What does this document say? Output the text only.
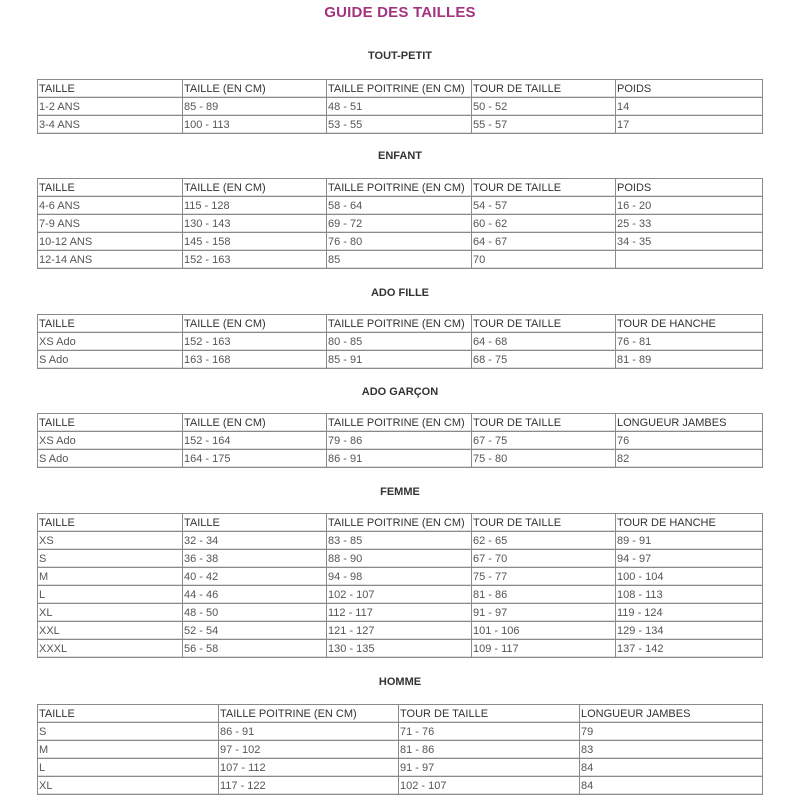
GUIDE DES TAILLES
TOUT-PETIT
TAILLE	TAILLE (EN CM)	TAILLE POITRINE (EN CM)	TOUR DE TAILLE	POIDS
1-2 ANS	85 - 89	48 - 51	50 - 52	14
3-4 ANS	100 - 113	53 - 55	55 - 57	17
ENFANT
TAILLE	TAILLE (EN CM)	TAILLE POITRINE (EN CM)	TOUR DE TAILLE	POIDS
4-6 ANS	115 - 128	58 - 64	54 - 57	16 - 20
7-9 ANS	130 - 143	69 - 72	60 - 62	25 - 33
10-12 ANS	145 - 158	76 - 80	64 - 67	34 - 35
12-14 ANS	152 - 163	85	70	
ADO FILLE
TAILLE	TAILLE (EN CM)	TAILLE POITRINE (EN CM)	TOUR DE TAILLE	TOUR DE HANCHE
XS Ado	152 - 163	80 - 85	64 - 68	76 - 81
S Ado	163 - 168	85 - 91	68 - 75	81 - 89
ADO GARÇON
TAILLE	TAILLE (EN CM)	TAILLE POITRINE (EN CM)	TOUR DE TAILLE	LONGUEUR JAMBES
XS Ado	152 - 164	79 - 86	67 - 75	76
S Ado	164 - 175	86 - 91	75 - 80	82
FEMME
TAILLE	TAILLE	TAILLE POITRINE (EN CM)	TOUR DE TAILLE	TOUR DE HANCHE
XS	32 - 34	83 - 85	62 - 65	89 - 91
S	36 - 38	88 - 90	67 - 70	94 - 97
M	40 - 42	94 - 98	75 - 77	100 - 104
L	44 - 46	102 - 107	81 - 86	108 - 113
XL	48 - 50	112 - 117	91 - 97	119 - 124
XXL	52 - 54	121 - 127	101 - 106	129 - 134
XXXL	56 - 58	130 - 135	109 - 117	137 - 142
HOMME
TAILLE	TAILLE POITRINE (EN CM)	TOUR DE TAILLE	LONGUEUR JAMBES
S	86 - 91	71 - 76	79
M	97 - 102	81 - 86	83
L	107 - 112	91 - 97	84
XL	117 - 122	102 - 107	84
